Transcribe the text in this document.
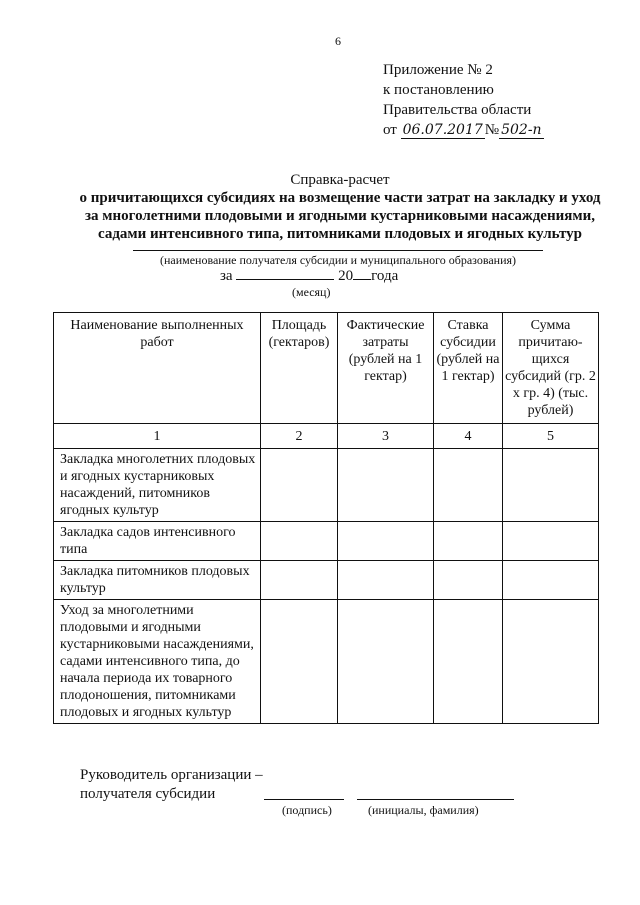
6
Приложение № 2
к постановлению
Правительства области
от 06.07.2017 № 502-п
Справка-расчет
о причитающихся субсидиях на возмещение части затрат на закладку и уход
за многолетними плодовыми и ягодными кустарниковыми насаждениями,
садами интенсивного типа, питомниками плодовых и ягодных культур
(наименование получателя субсидии и муниципального образования)
за	20 года
(месяц)
Наименование выполненных работ	Площадь (гектаров)	Фактические затраты (рублей на 1 гектар)	Ставка субсидии (рублей на 1 гектар)	Сумма причитаю-щихся субсидий (гр. 2 х гр. 4) (тыс. рублей)
1	2	3	4	5
Закладка многолетних плодовых и ягодных кустарниковых насаждений, питомников ягодных культур				
Закладка садов интенсивного типа				
Закладка питомников плодовых культур				
Уход за многолетними плодовыми и ягодными кустарниковыми насаждениями, садами интенсивного типа, до начала периода их товарного плодоношения, питомниками плодовых и ягодных культур				
Руководитель организации –
получателя субсидии
(подпись)	(инициалы, фамилия)
